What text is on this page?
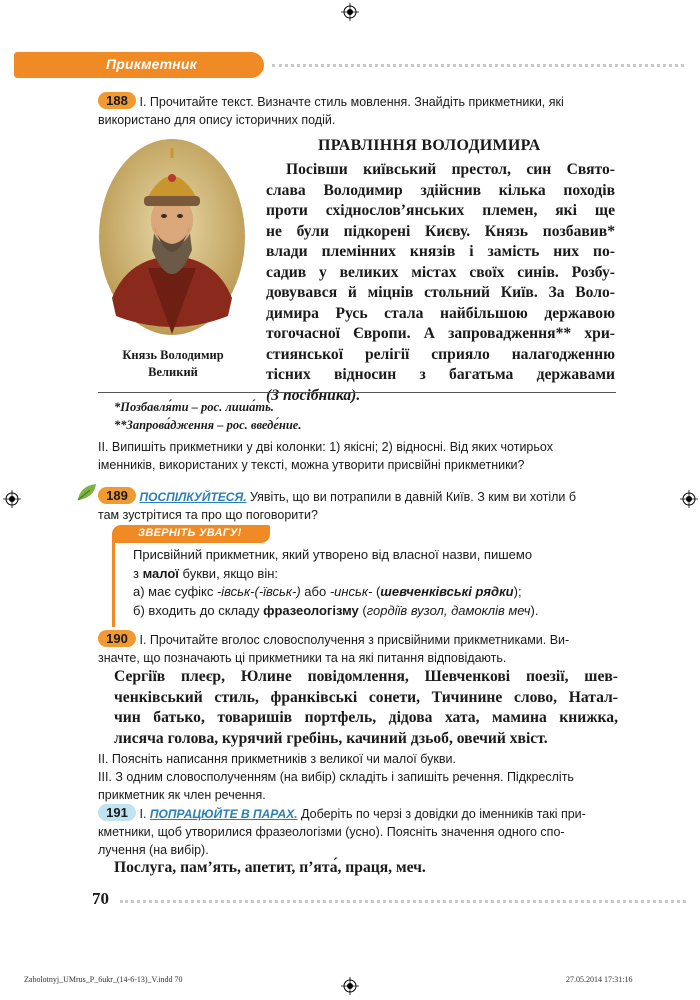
Прикметник
188 І. Прочитайте текст. Визначте стиль мовлення. Знайдіть прикметники, які
використано для опису історичних подій.
Князь Володимир
Великий
ПРАВЛІННЯ ВОЛОДИМИРА
Посівши київський престол, син Свято-
слава Володимир здійснив кілька походів
проти східнослов’янських племен, які ще
не були підкорені Києву. Князь позбавив*
влади племінних князів і замість них по-
садив у великих містах своїх синів. Розбу-
довувався й міцнів стольний Київ. За Воло-
димира Русь стала найбільшою державою
тогочасної Європи. А запровадження** хри-
стиянської релігії сприяло налагодженню
тісних відносин з багатьма державами
(З посібника).
*Позбавля́ти – рос. лиша́ть.
**Запрова́дження – рос. введе́ние.
ІІ. Випишіть прикметники у дві колонки: 1) якісні; 2) відносні. Від яких чотирьох
іменників, використаних у тексті, можна утворити присвійні прикметники?
189 ПОСПІЛКУЙТЕСЯ. Уявіть, що ви потрапили в давній Київ. З ким ви хотіли б
там зустрітися та про що поговорити?
ЗВЕРНІТЬ УВАГУ!
Присвійний прикметник, який утворено від власної назви, пишемо
з малої букви, якщо він:
а) має суфікс -івськ-(-ївськ-) або -инськ- (шевченківські рядки);
б) входить до складу фразеологізму (гордіїв вузол, дамоклів меч).
190 І. Прочитайте вголос словосполучення з присвійними прикметниками. Ви-
значте, що позначають ці прикметники та на які питання відповідають.
Сергіїв плеєр, Юлине повідомлення, Шевченкові поезії, шев-
ченківський стиль, франківські сонети, Тичинине слово, Натал-
чин батько, товаришів портфель, дідова хата, мамина книжка,
лисячa голова, курячий гребінь, качиний дзьоб, овечий хвіст.
ІІ. Поясніть написання прикметників з великої чи малої букви.
ІІІ. З одним словосполученням (на вибір) складіть і запишіть речення. Підкресліть
прикметник як член речення.
191 І. ПОПРАЦЮЙТЕ В ПАРАХ. Доберіть по черзі з довідки до іменників такі при-
кметники, щоб утворилися фразеологізми (усно). Поясніть значення одного спо-
лучення (на вибір).
Послуга, пам’ять, апетит, п’ята́, праця, меч.
70
Zabolotnyj_UMrus_P_6ukr_(14-6-13)_V.indd 70	27.05.2014 17:31:16
